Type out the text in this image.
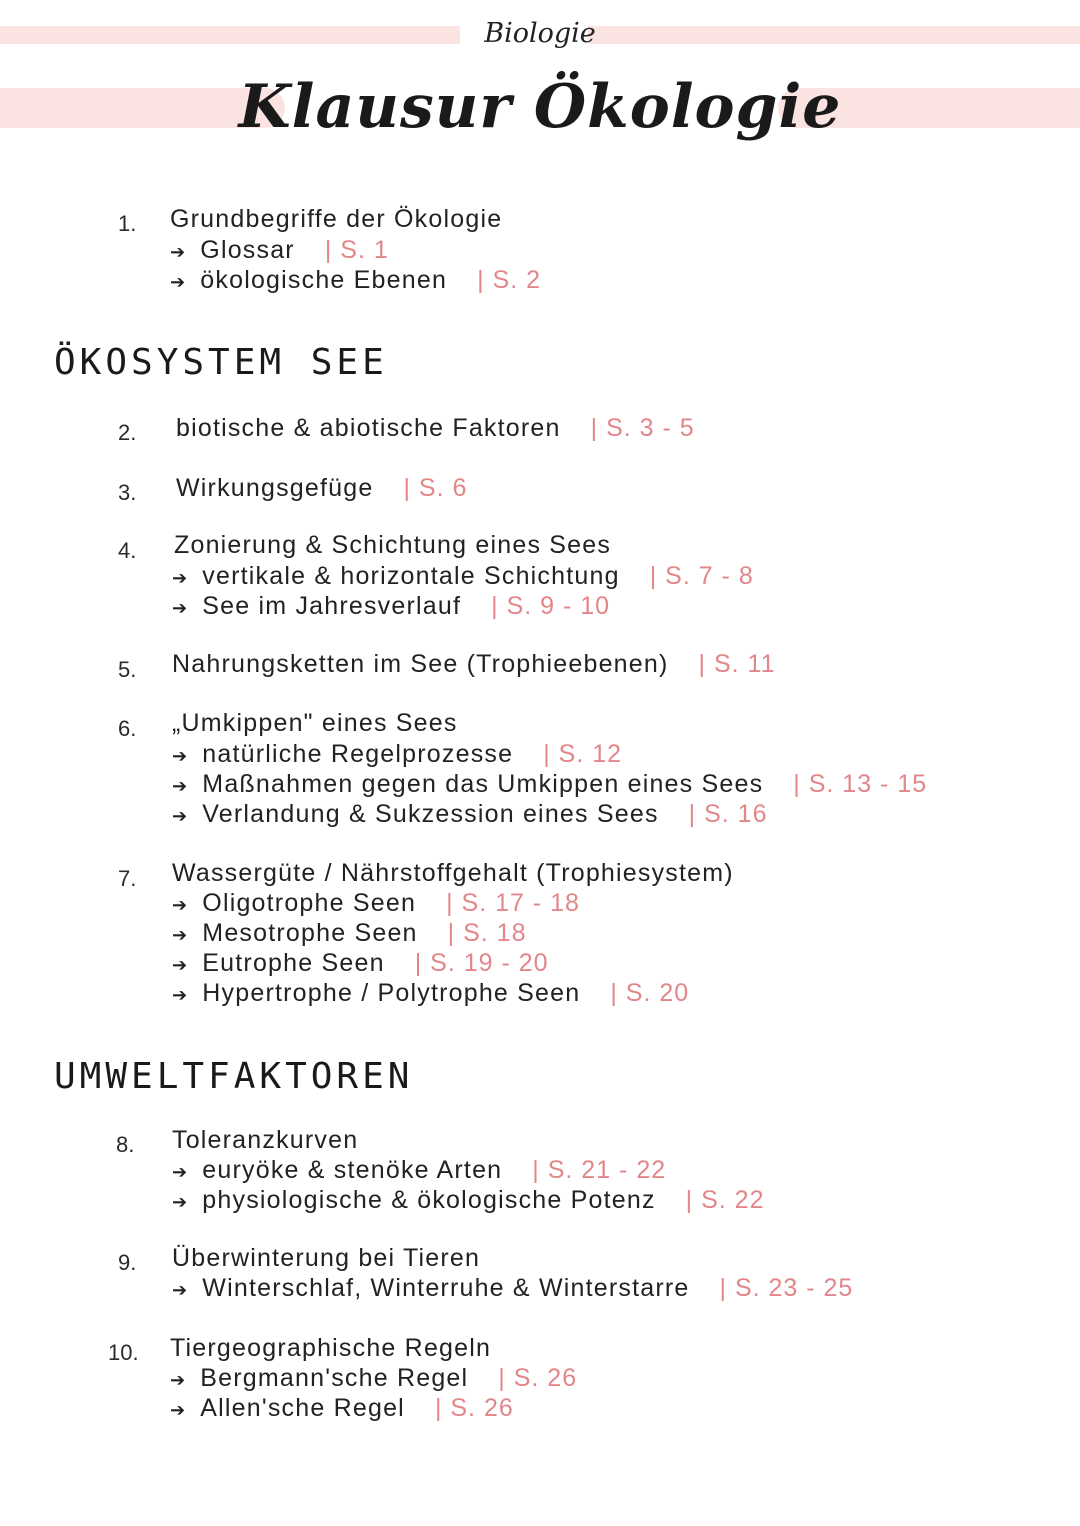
Biologie
Klausur Ökologie
1. Grundbegriffe der Ökologie
➔ Glossar | S. 1
➔ ökologische Ebenen | S. 2
ÖKOSYSTEM SEE
2. biotische & abiotische Faktoren | S. 3 - 5
3. Wirkungsgefüge | S. 6
4. Zonierung & Schichtung eines Sees
➔ vertikale & horizontale Schichtung | S. 7 - 8
➔ See im Jahresverlauf | S. 9 - 10
5. Nahrungsketten im See (Trophieebenen) | S. 11
6. „Umkippen" eines Sees
➔ natürliche Regelprozesse | S. 12
➔ Maßnahmen gegen das Umkippen eines Sees | S. 13 - 15
➔ Verlandung & Sukzession eines Sees | S. 16
7. Wassergüte / Nährstoffgehalt (Trophiesystem)
➔ Oligotrophe Seen | S. 17 - 18
➔ Mesotrophe Seen | S. 18
➔ Eutrophe Seen | S. 19 - 20
➔ Hypertrophe / Polytrophe Seen | S. 20
UMWELTFAKTOREN
8. Toleranzkurven
➔ euryöke & stenöke Arten | S. 21 - 22
➔ physiologische & ökologische Potenz | S. 22
9. Überwinterung bei Tieren
➔ Winterschlaf, Winterruhe & Winterstarre | S. 23 - 25
10. Tiergeographische Regeln
➔ Bergmann'sche Regel | S. 26
➔ Allen'sche Regel | S. 26
